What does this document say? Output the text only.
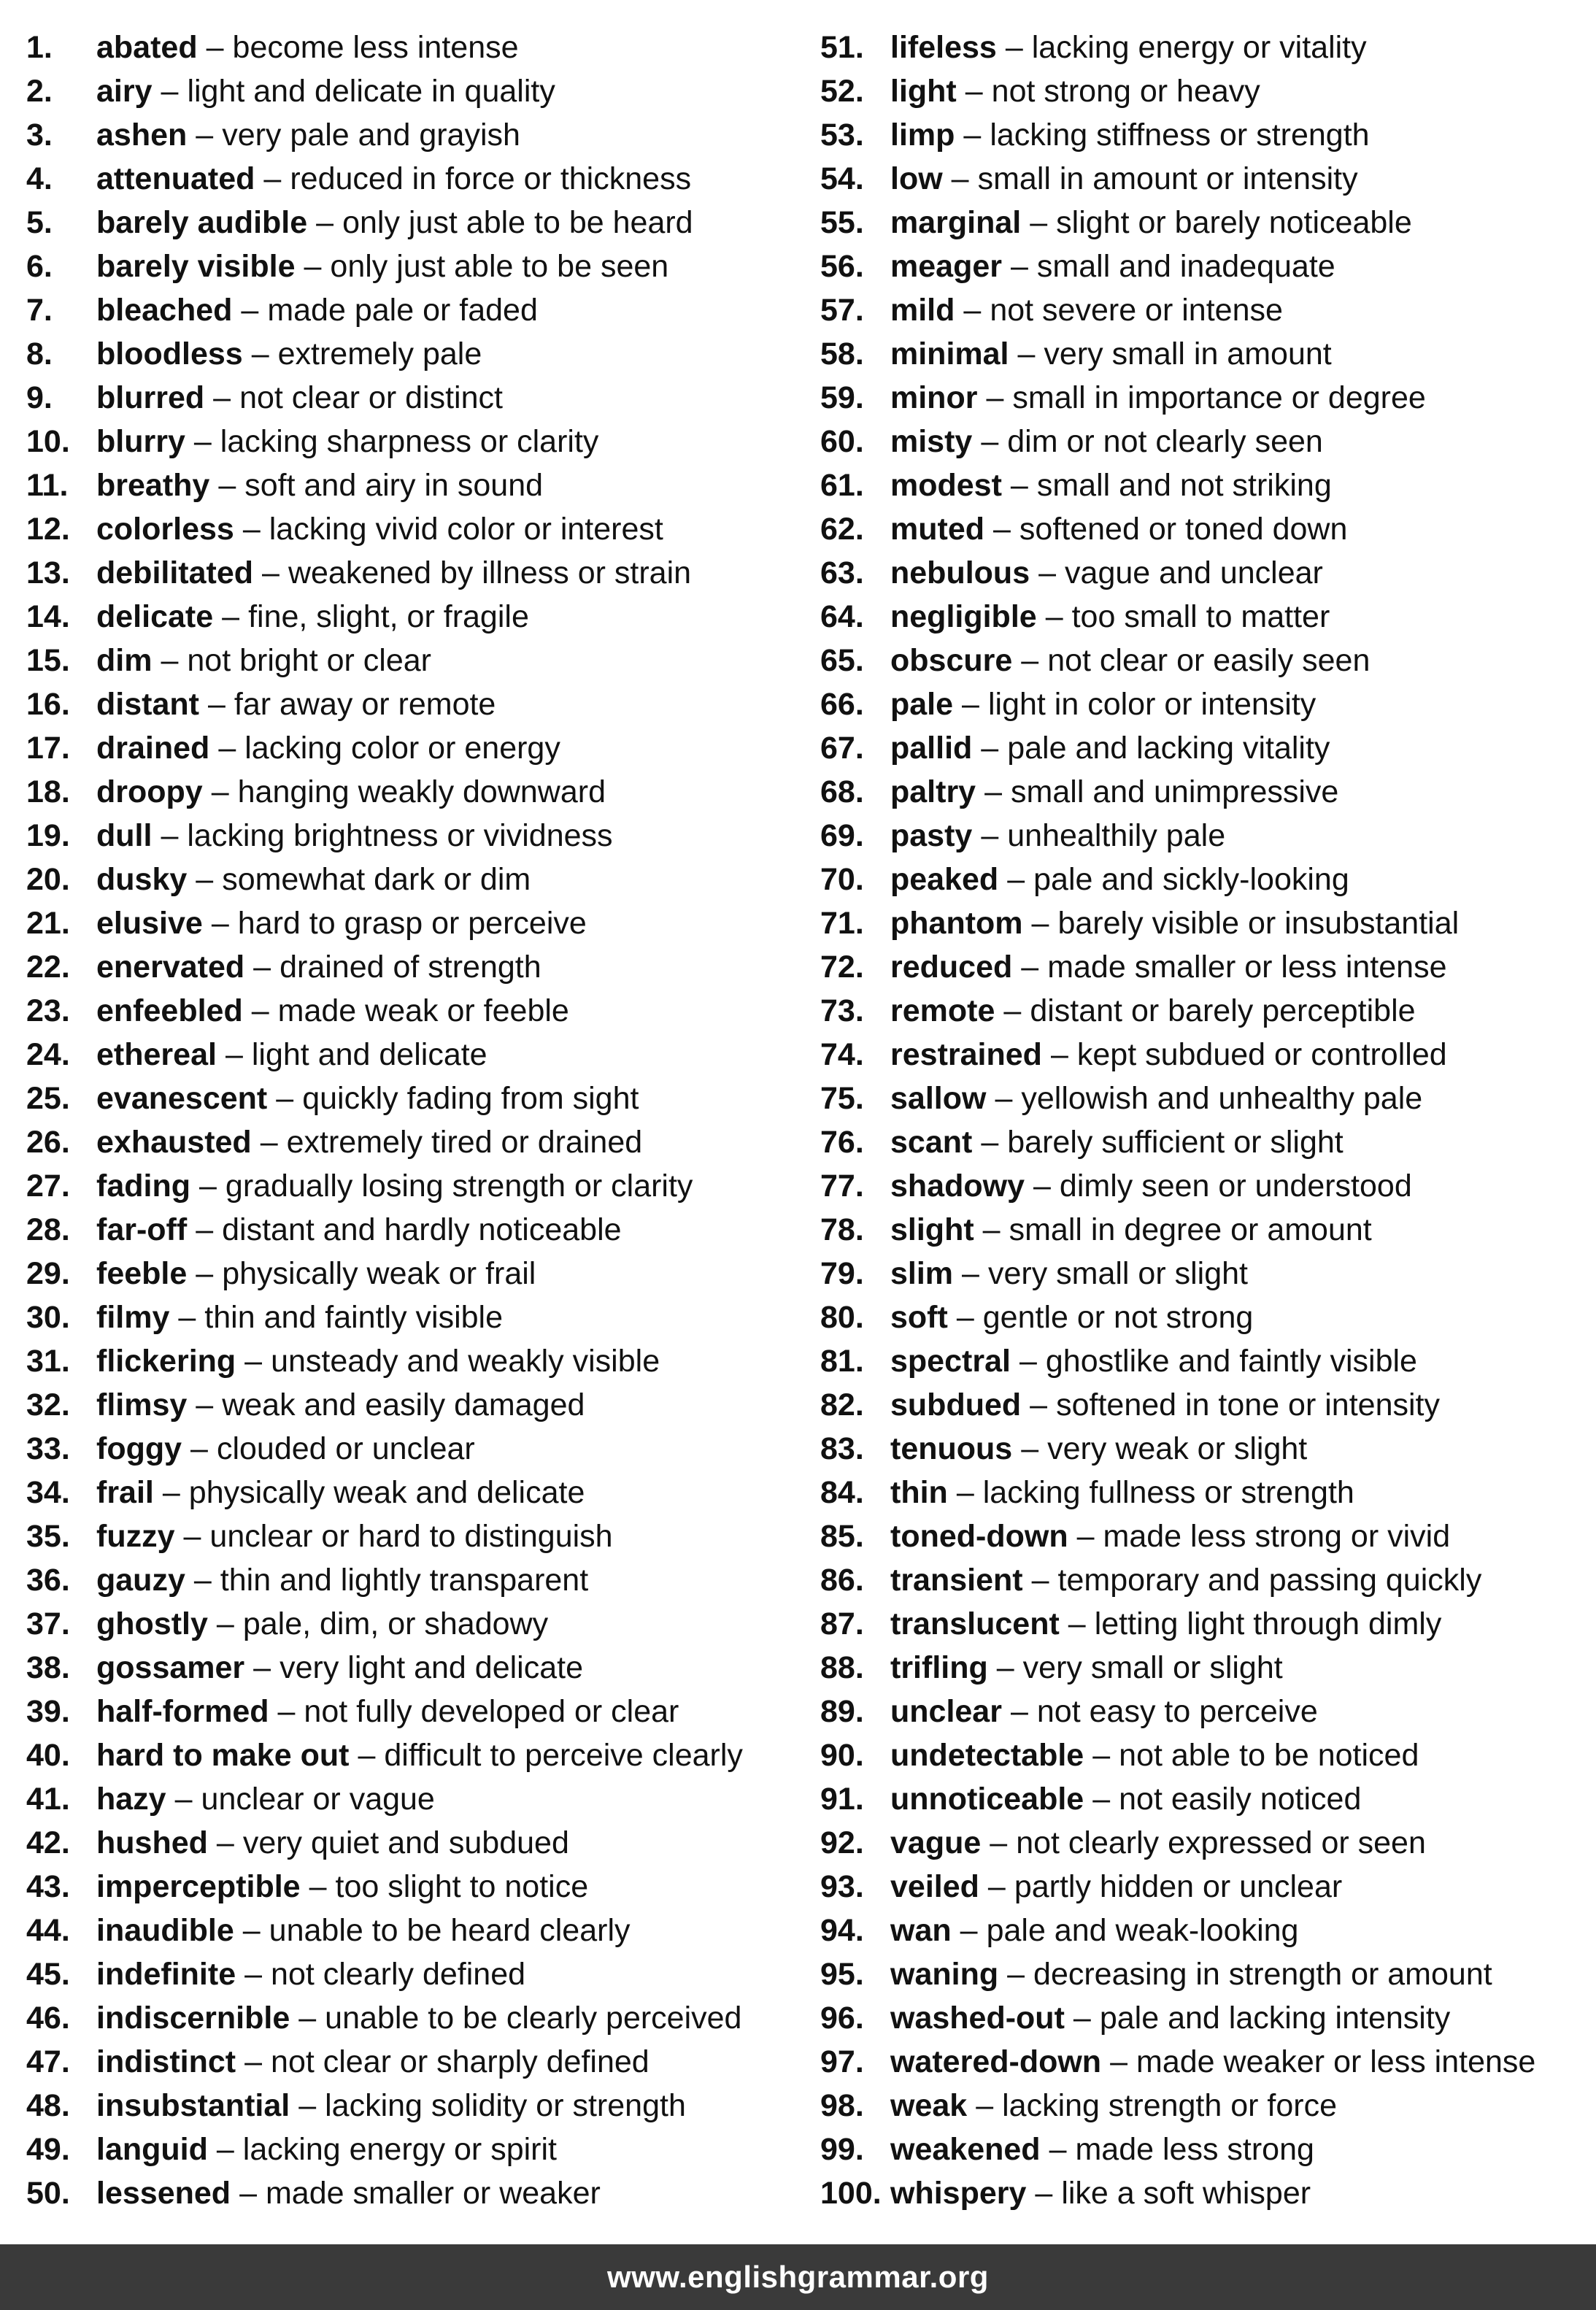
1.	abated – become less intense
2.	airy – light and delicate in quality
3.	ashen – very pale and grayish
4.	attenuated – reduced in force or thickness
5.	barely audible – only just able to be heard
6.	barely visible – only just able to be seen
7.	bleached – made pale or faded
8.	bloodless – extremely pale
9.	blurred – not clear or distinct
10. blurry – lacking sharpness or clarity
11. breathy – soft and airy in sound
12. colorless – lacking vivid color or interest
13. debilitated – weakened by illness or strain
14. delicate – fine, slight, or fragile
15. dim – not bright or clear
16. distant – far away or remote
17. drained – lacking color or energy
18. droopy – hanging weakly downward
19. dull – lacking brightness or vividness
20. dusky – somewhat dark or dim
21. elusive – hard to grasp or perceive
22. enervated – drained of strength
23. enfeebled – made weak or feeble
24. ethereal – light and delicate
25. evanescent – quickly fading from sight
26. exhausted – extremely tired or drained
27. fading – gradually losing strength or clarity
28. far-off – distant and hardly noticeable
29. feeble – physically weak or frail
30. filmy – thin and faintly visible
31. flickering – unsteady and weakly visible
32. flimsy – weak and easily damaged
33. foggy – clouded or unclear
34. frail – physically weak and delicate
35. fuzzy – unclear or hard to distinguish
36. gauzy – thin and lightly transparent
37. ghostly – pale, dim, or shadowy
38. gossamer – very light and delicate
39. half-formed – not fully developed or clear
40. hard to make out – difficult to perceive clearly
41. hazy – unclear or vague
42. hushed – very quiet and subdued
43. imperceptible – too slight to notice
44. inaudible – unable to be heard clearly
45. indefinite – not clearly defined
46. indiscernible – unable to be clearly perceived
47. indistinct – not clear or sharply defined
48. insubstantial – lacking solidity or strength
49. languid – lacking energy or spirit
50. lessened – made smaller or weaker
51. lifeless – lacking energy or vitality
52. light – not strong or heavy
53. limp – lacking stiffness or strength
54. low – small in amount or intensity
55. marginal – slight or barely noticeable
56. meager – small and inadequate
57. mild – not severe or intense
58. minimal – very small in amount
59. minor – small in importance or degree
60. misty – dim or not clearly seen
61. modest – small and not striking
62. muted – softened or toned down
63. nebulous – vague and unclear
64. negligible – too small to matter
65. obscure – not clear or easily seen
66. pale – light in color or intensity
67. pallid – pale and lacking vitality
68. paltry – small and unimpressive
69. pasty – unhealthily pale
70. peaked – pale and sickly-looking
71. phantom – barely visible or insubstantial
72. reduced – made smaller or less intense
73. remote – distant or barely perceptible
74. restrained – kept subdued or controlled
75. sallow – yellowish and unhealthy pale
76. scant – barely sufficient or slight
77. shadowy – dimly seen or understood
78. slight – small in degree or amount
79. slim – very small or slight
80. soft – gentle or not strong
81. spectral – ghostlike and faintly visible
82. subdued – softened in tone or intensity
83. tenuous – very weak or slight
84. thin – lacking fullness or strength
85. toned-down – made less strong or vivid
86. transient – temporary and passing quickly
87. translucent – letting light through dimly
88. trifling – very small or slight
89. unclear – not easy to perceive
90. undetectable – not able to be noticed
91. unnoticeable – not easily noticed
92. vague – not clearly expressed or seen
93. veiled – partly hidden or unclear
94. wan – pale and weak-looking
95. waning – decreasing in strength or amount
96. washed-out – pale and lacking intensity
97. watered-down – made weaker or less intense
98. weak – lacking strength or force
99. weakened – made less strong
100. whispery – like a soft whisper
www.englishgrammar.org
